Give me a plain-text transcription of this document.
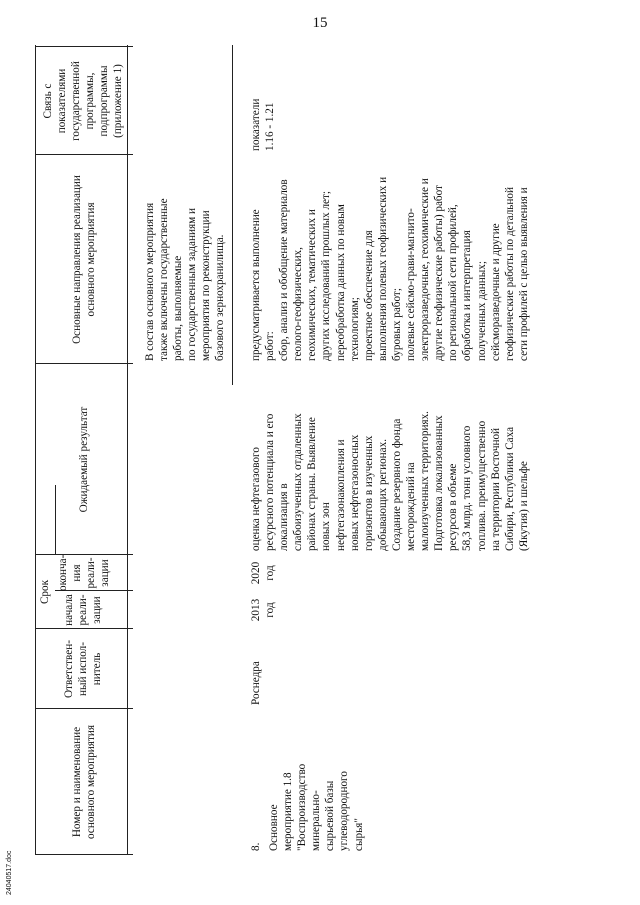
15
Номер и наименование основного мероприятия
Ответствен- ный испол- нитель
Срок
начала реали- зации
оконча- ния реали- зации
Ожидаемый результат
Основные направления реализации основного мероприятия
Связь с показателями государственной программы, подпрограммы (приложение 1)
В состав основного мероприятия также включены государственные работы, выполняемые по государственным заданиям и мероприятия по реконструкции базового зернохранилища.
8. Основное мероприятие 1.8 "Воспроизводство минерально- сырьевой базы углеводородного сырья"
Роснедра
2013 год
2020 год
оценка нефтегазового ресурсного потенциала и его локализация в слабоизученных отдаленных районах страны. Выявление новых зон нефтегазонакопления и новых нефтегазоносных горизонтов в изученных добывающих регионах. Создание резервного фонда месторождений на малоизученных территориях. Подготовка локализованных ресурсов в объеме 58,3 млрд. тонн условного топлива. преимущественно на территории Восточной Сибири, Республики Саха (Якутия) и шельфе
предусматривается выполнение работ: сбор, анализ и обобщение материалов геолого-геофизических, геохимических, тематических и других исследований прошлых лет; переобработка данных по новым технологиям; проектное обеспечение для выполнения полевых геофизических и буровых работ; полевые сейсмо-грави-магнито- электроразведочные, геохимические и другие геофизические работы) работ по региональной сети профилей, обработка и интерпретация полученных данных; сейсморазведочные и другие геофизические работы по детальной сети профилей с целью выявления и
показатели 1.16 - 1.21
24040517.doc
